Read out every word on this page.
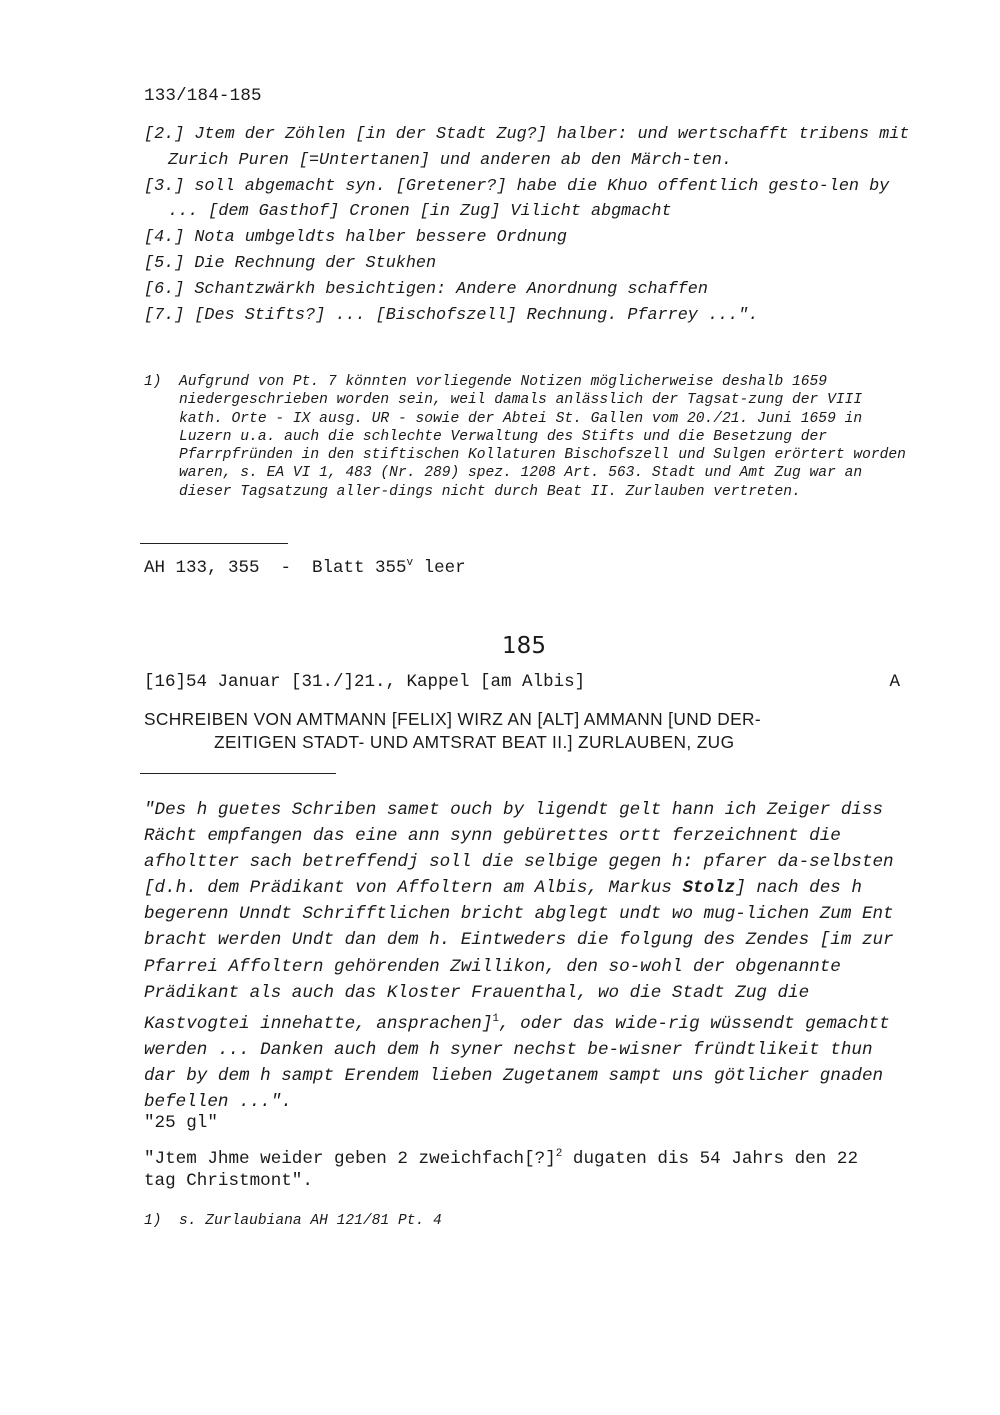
133/184-185

[2.] Jtem der Zöhlen [in der Stadt Zug?] halber: und wertschafft tribens mit Zurich Puren [=Untertanen] und anderen ab den Märch-ten.

[3.] soll abgemacht syn. [Gretener?] habe die Khuo offentlich gesto-len by ... [dem Gasthof] Cronen [in Zug] Vilicht abgmacht

[4.] Nota umbgeldts halber bessere Ordnung

[5.] Die Rechnung der Stukhen

[6.] Schantzwärkh besichtigen: Andere Anordnung schaffen

[7.] [Des Stifts?] ... [Bischofszell] Rechnung. Pfarrey ...".

1)	Aufgrund von Pt. 7 könnten vorliegende Notizen möglicherweise deshalb 1659 niedergeschrieben worden sein, weil damals anlässlich der Tagsat-zung der VIII kath. Orte - IX ausg. UR - sowie der Abtei St. Gallen vom 20./21. Juni 1659 in Luzern u.a. auch die schlechte Verwaltung des Stifts und die Besetzung der Pfarrpfründen in den stiftischen Kollaturen Bischofszell und Sulgen erörtert worden waren, s. EA VI 1, 483 (Nr. 289) spez. 1208 Art. 563. Stadt und Amt Zug war an dieser Tagsatzung aller-dings nicht durch Beat II. Zurlauben vertreten.
AH 133, 355  -  Blatt 355$^v$ leer
185
[16]54 Januar [31./]21., Kappel [am Albis]	A
SCHREIBEN VON AMTMANN [FELIX] WIRZ AN [ALT] AMMANN [UND DER-
ZEITIGEN STADT- UND AMTSRAT BEAT II.] ZURLAUBEN, ZUG
"Des h guetes Schriben samet ouch by ligendt gelt hann ich Zeiger diss Rächt empfangen das eine ann synn gebürettes ortt ferzeichnent die afholtter sach betreffendj soll die selbige gegen h: pfarer da-selbsten [d.h. dem Prädikant von Affoltern am Albis, Markus Stolz] nach des h begerenn Unndt Schrifftlichen bricht abglegt undt wo mug-lichen Zum Ent bracht werden Undt dan dem h. Eintweders die folgung des Zendes [im zur Pfarrei Affoltern gehörenden Zwillikon, den so-wohl der obgenannte Prädikant als auch das Kloster Frauenthal, wo die Stadt Zug die Kastvogtei innehatte, ansprachen]$^1$, oder das wide-rig wüssendt gemachtt werden ... Danken auch dem h syner nechst be-wisner fründtlikeit thun dar by dem h sampt Erendem lieben Zugetanem sampt uns götlicher gnaden befellen ...".
"25 gl"
"Jtem Jhme weider geben 2 zweichfach[?]$^2$ dugaten dis 54 Jahrs den 22
tag Christmont".
1)	s. Zurlaubiana AH 121/81 Pt. 4
